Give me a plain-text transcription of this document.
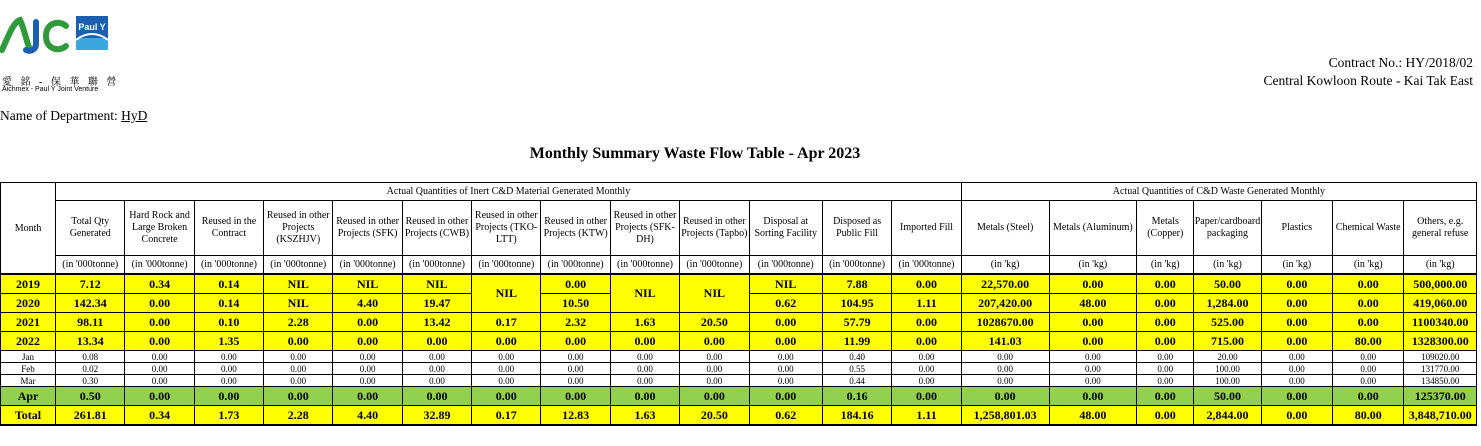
Paul Y
愛 銘 - 保 華 聯 營
Aichmex - Paul Y Joint Venture
Contract No.: HY/2018/02
Central Kowloon Route - Kai Tak East
Name of Department: HyD
Monthly Summary Waste Flow Table - Apr 2023
Month	Actual Quantities of Inert C&D Material Generated Monthly													Actual Quantities of C&D Waste Generated Monthly						
	Total Qty Generated	Hard Rock and Large Broken Concrete	Reused in the Contract	Reused in other Projects (KSZHJV)	Reused in other Projects (SFK)	Reused in other Projects (CWB)	Reused in other Projects (TKO-LTT)	Reused in other Projects (KTW)	Reused in other Projects (SFK-DH)	Reused in other Projects (Tapbo)	Disposal at Sorting Facility	Disposed as Public Fill	Imported Fill	Metals (Steel)	Metals (Aluminum)	Metals (Copper)	Paper/cardboard packaging	Plastics	Chemical Waste	Others, e.g. general refuse
	(in '000tonne)	(in '000tonne)	(in '000tonne)	(in '000tonne)	(in '000tonne)	(in '000tonne)	(in '000tonne)	(in '000tonne)	(in '000tonne)	(in '000tonne)	(in '000tonne)	(in '000tonne)	(in '000tonne)	(in 'kg)	(in 'kg)	(in 'kg)	(in 'kg)	(in 'kg)	(in 'kg)	(in 'kg)
2019	7.12	0.34	0.14	NIL	NIL	NIL	NIL	0.00	NIL	NIL	NIL	7.88	0.00	22,570.00	0.00	0.00	50.00	0.00	0.00	500,000.00
2020	142.34	0.00	0.14	NIL	4.40	19.47		10.50			0.62	104.95	1.11	207,420.00	48.00	0.00	1,284.00	0.00	0.00	419,060.00
2021	98.11	0.00	0.10	2.28	0.00	13.42	0.17	2.32	1.63	20.50	0.00	57.79	0.00	1028670.00	0.00	0.00	525.00	0.00	0.00	1100340.00
2022	13.34	0.00	1.35	0.00	0.00	0.00	0.00	0.00	0.00	0.00	0.00	11.99	0.00	141.03	0.00	0.00	715.00	0.00	80.00	1328300.00
Jan	0.08	0.00	0.00	0.00	0.00	0.00	0.00	0.00	0.00	0.00	0.00	0.40	0.00	0.00	0.00	0.00	20.00	0.00	0.00	109020.00
Feb	0.02	0.00	0.00	0.00	0.00	0.00	0.00	0.00	0.00	0.00	0.00	0.55	0.00	0.00	0.00	0.00	100.00	0.00	0.00	131770.00
Mar	0.30	0.00	0.00	0.00	0.00	0.00	0.00	0.00	0.00	0.00	0.00	0.44	0.00	0.00	0.00	0.00	100.00	0.00	0.00	134850.00
Apr	0.50	0.00	0.00	0.00	0.00	0.00	0.00	0.00	0.00	0.00	0.00	0.16	0.00	0.00	0.00	0.00	50.00	0.00	0.00	125370.00
Total	261.81	0.34	1.73	2.28	4.40	32.89	0.17	12.83	1.63	20.50	0.62	184.16	1.11	1,258,801.03	48.00	0.00	2,844.00	0.00	80.00	3,848,710.00
